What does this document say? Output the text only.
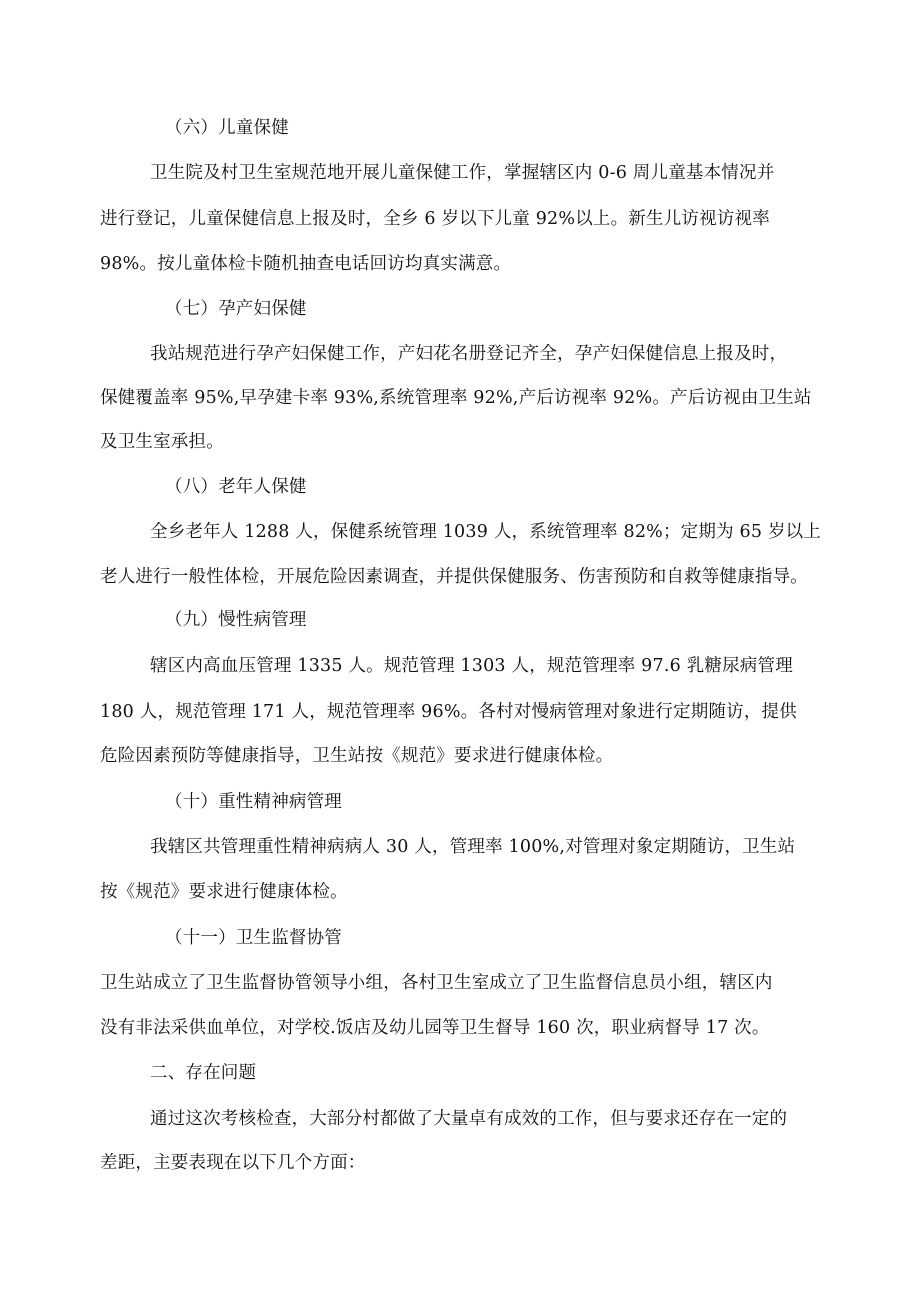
（六）儿童保健
卫生院及村卫生室规范地开展儿童保健工作，掌握辖区内 0-6 周儿童基本情况并
进行登记，儿童保健信息上报及时，全乡 6 岁以下儿童 92%以上。新生儿访视访视率
98%。按儿童体检卡随机抽查电话回访均真实满意。
（七）孕产妇保健
我站规范进行孕产妇保健工作，产妇花名册登记齐全，孕产妇保健信息上报及时，
保健覆盖率 95%,早孕建卡率 93%,系统管理率 92%,产后访视率 92%。产后访视由卫生站
及卫生室承担。
（八）老年人保健
全乡老年人 1288 人，保健系统管理 1039 人，系统管理率 82%；定期为 65 岁以上
老人进行一般性体检，开展危险因素调查，并提供保健服务、伤害预防和自救等健康指导。
（九）慢性病管理
辖区内高血压管理 1335 人。规范管理 1303 人，规范管理率 97.6 乳糖尿病管理
180 人，规范管理 171 人，规范管理率 96%。各村对慢病管理对象进行定期随访，提供
危险因素预防等健康指导，卫生站按《规范》要求进行健康体检。
（十）重性精神病管理
我辖区共管理重性精神病病人 30 人，管理率 100%,对管理对象定期随访，卫生站
按《规范》要求进行健康体检。
（十一）卫生监督协管
卫生站成立了卫生监督协管领导小组，各村卫生室成立了卫生监督信息员小组，辖区内
没有非法采供血单位，对学校.饭店及幼儿园等卫生督导 160 次，职业病督导 17 次。
二、存在问题
通过这次考核检查，大部分村都做了大量卓有成效的工作，但与要求还存在一定的
差距，主要表现在以下几个方面：
